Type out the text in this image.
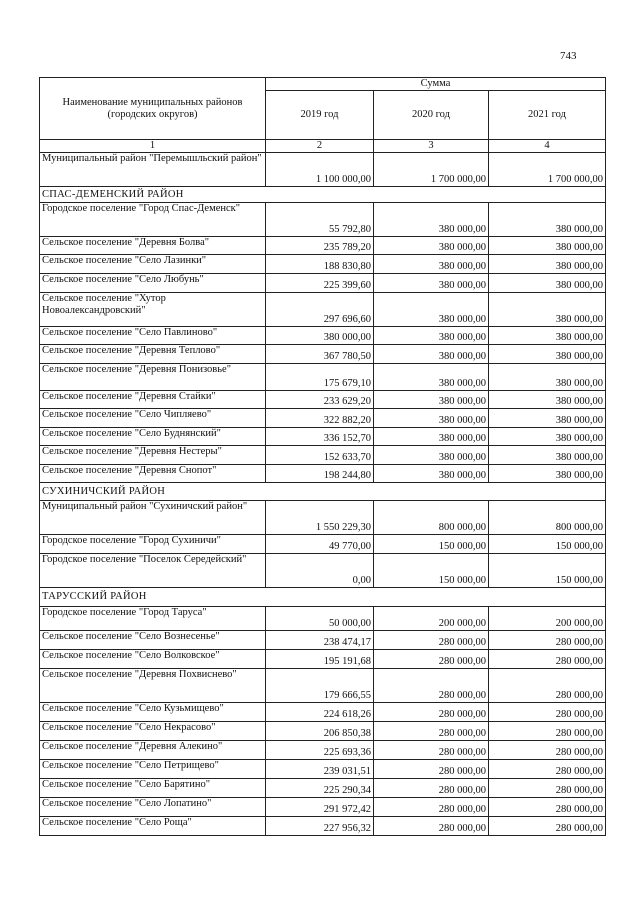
743
Наименование муниципальных районов (городских округов)	Сумма		
	2019 год	2020 год	2021 год
1	2	3	4
Муниципальный район "Перемышльский район"	1 100 000,00	1 700 000,00	1 700 000,00
СПАС-ДЕМЕНСКИЙ РАЙОН			
Городское поселение "Город Спас-Деменск"	55 792,80	380 000,00	380 000,00
Сельское поселение "Деревня Болва"	235 789,20	380 000,00	380 000,00
Сельское поселение "Село Лазинки"	188 830,80	380 000,00	380 000,00
Сельское поселение "Село Любунь"	225 399,60	380 000,00	380 000,00
Сельское поселение "Хутор Новоалександровский"	297 696,60	380 000,00	380 000,00
Сельское поселение "Село Павлиново"	380 000,00	380 000,00	380 000,00
Сельское поселение "Деревня Теплово"	367 780,50	380 000,00	380 000,00
Сельское поселение "Деревня Понизовье"	175 679,10	380 000,00	380 000,00
Сельское поселение "Деревня Стайки"	233 629,20	380 000,00	380 000,00
Сельское поселение "Село Чипляево"	322 882,20	380 000,00	380 000,00
Сельское поселение "Село Буднянский"	336 152,70	380 000,00	380 000,00
Сельское поселение "Деревня Нестеры"	152 633,70	380 000,00	380 000,00
Сельское поселение "Деревня Снопот"	198 244,80	380 000,00	380 000,00
СУХИНИЧСКИЙ РАЙОН			
Муниципальный район "Сухиничский район"	1 550 229,30	800 000,00	800 000,00
Городское поселение "Город Сухиничи"	49 770,00	150 000,00	150 000,00
Городское поселение "Поселок Середейский"	0,00	150 000,00	150 000,00
ТАРУССКИЙ РАЙОН			
Городское поселение "Город Таруса"	50 000,00	200 000,00	200 000,00
Сельское поселение "Село Вознесенье"	238 474,17	280 000,00	280 000,00
Сельское поселение "Село Волковское"	195 191,68	280 000,00	280 000,00
Сельское поселение "Деревня Похвиснево"	179 666,55	280 000,00	280 000,00
Сельское поселение "Село Кузьмищево"	224 618,26	280 000,00	280 000,00
Сельское поселение "Село Некрасово"	206 850,38	280 000,00	280 000,00
Сельское поселение "Деревня Алекино"	225 693,36	280 000,00	280 000,00
Сельское поселение "Село Петрищево"	239 031,51	280 000,00	280 000,00
Сельское поселение "Село Барятино"	225 290,34	280 000,00	280 000,00
Сельское поселение "Село Лопатино"	291 972,42	280 000,00	280 000,00
Сельское поселение "Село Роща"	227 956,32	280 000,00	280 000,00
